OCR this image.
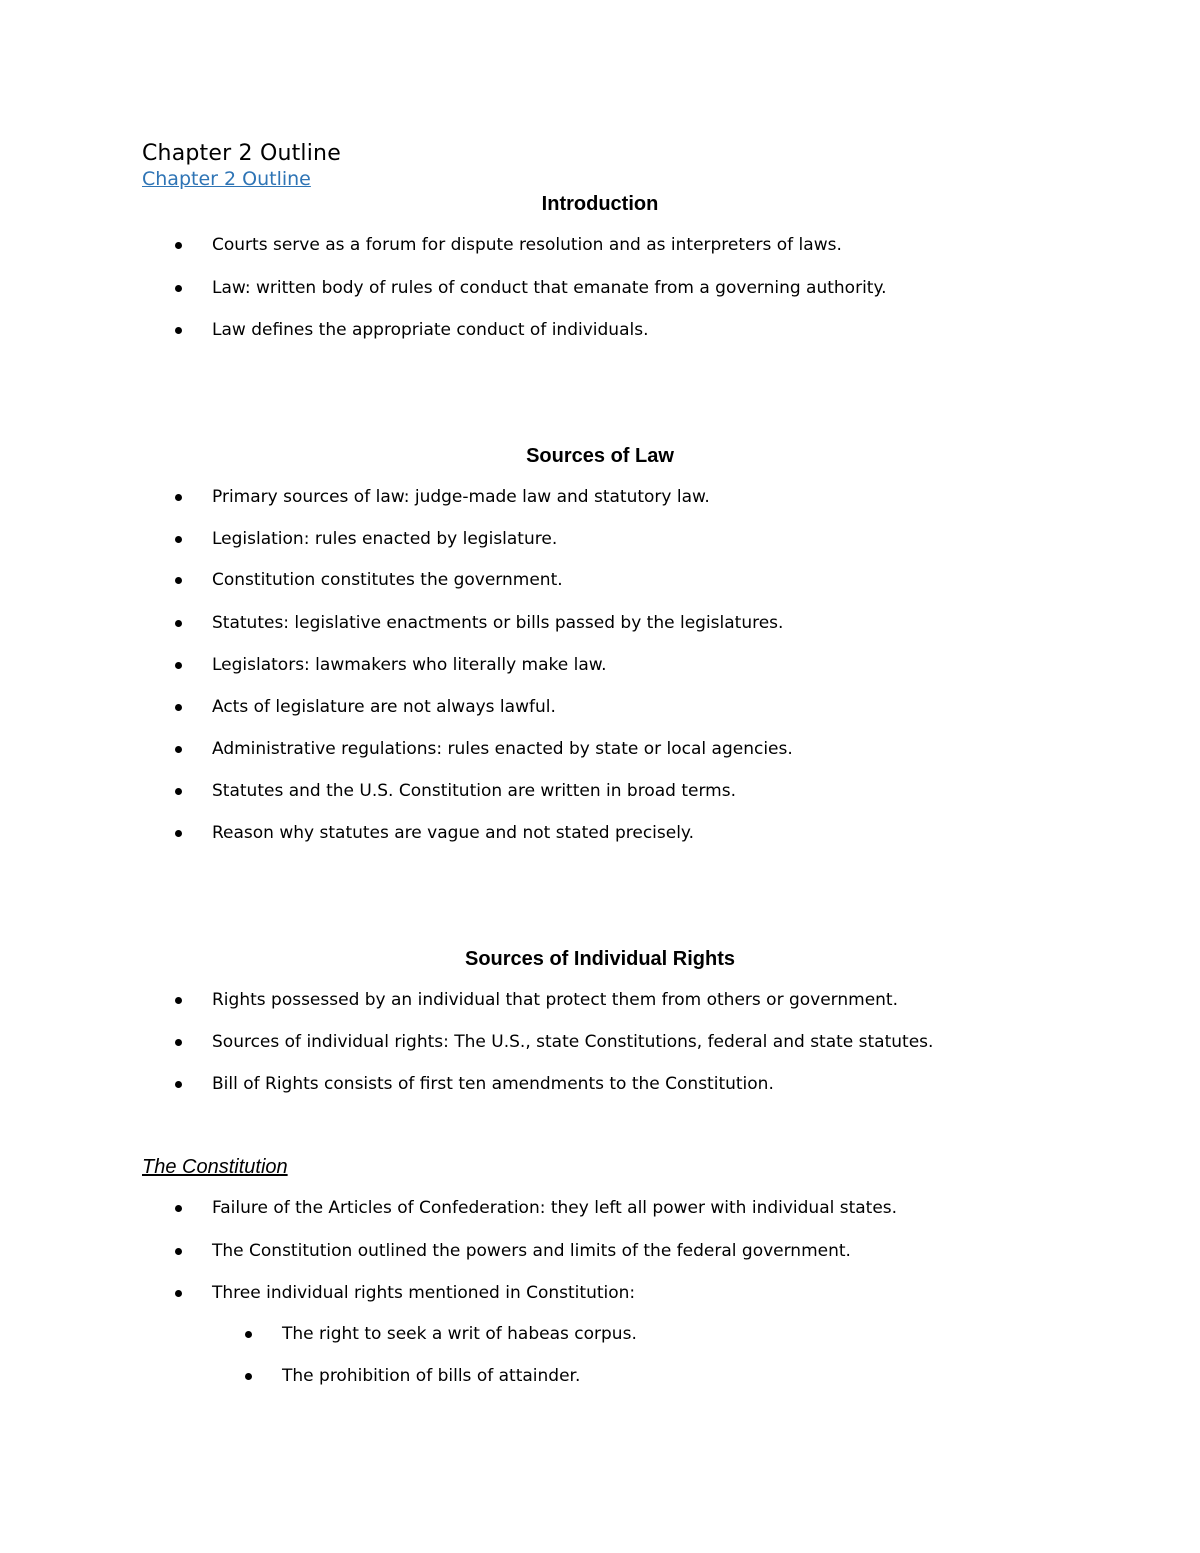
Chapter 2 Outline
Chapter 2 Outline
Introduction
Courts serve as a forum for dispute resolution and as interpreters of laws.
Law: written body of rules of conduct that emanate from a governing authority.
Law defines the appropriate conduct of individuals.
Sources of Law
Primary sources of law: judge-made law and statutory law.
Legislation: rules enacted by legislature.
Constitution constitutes the government.
Statutes: legislative enactments or bills passed by the legislatures.
Legislators: lawmakers who literally make law.
Acts of legislature are not always lawful.
Administrative regulations: rules enacted by state or local agencies.
Statutes and the U.S. Constitution are written in broad terms.
Reason why statutes are vague and not stated precisely.
Sources of Individual Rights
Rights possessed by an individual that protect them from others or government.
Sources of individual rights: The U.S., state Constitutions, federal and state statutes.
Bill of Rights consists of first ten amendments to the Constitution.
The Constitution
Failure of the Articles of Confederation: they left all power with individual states.
The Constitution outlined the powers and limits of the federal government.
Three individual rights mentioned in Constitution:
The right to seek a writ of habeas corpus.
The prohibition of bills of attainder.
